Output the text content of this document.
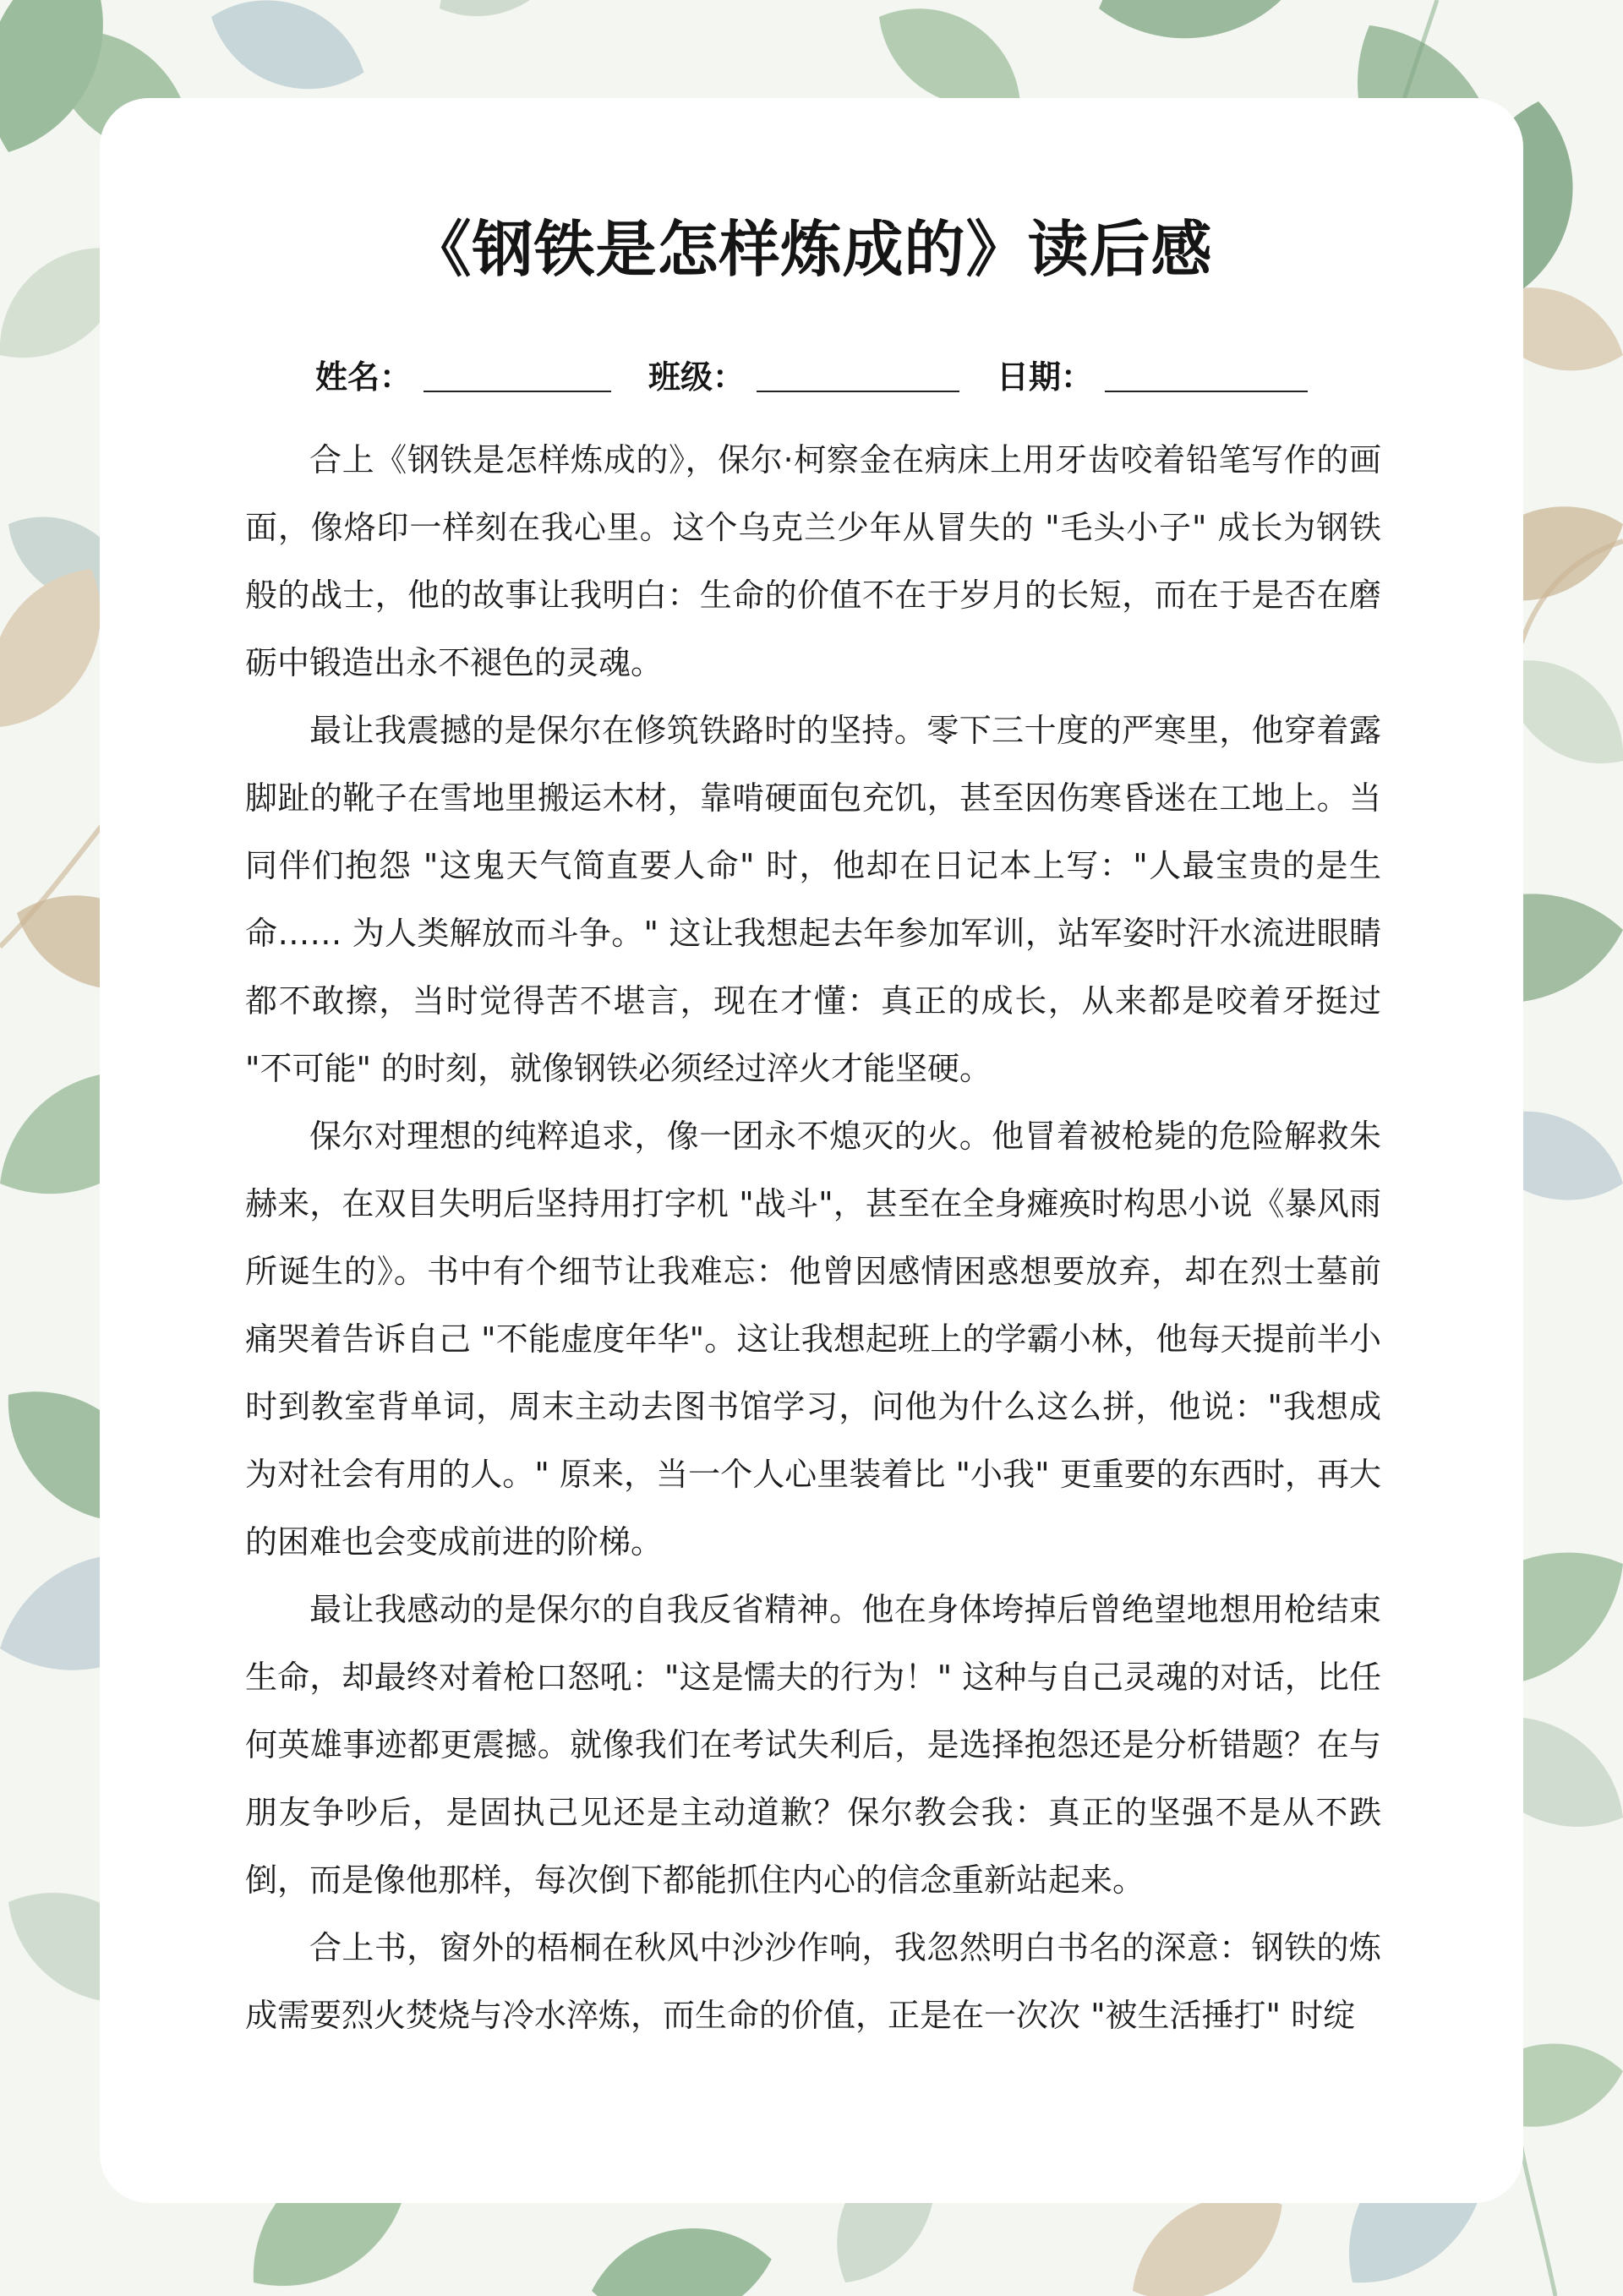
《钢铁是怎样炼成的》读后感
姓名：	班级：	日期：

合上《钢铁是怎样炼成的》，保尔·柯察金在病床上用牙齿咬着铅笔写作的画面，像烙印一样刻在我心里。这个乌克兰少年从冒失的 "毛头小子" 成长为钢铁般的战士，他的故事让我明白：生命的价值不在于岁月的长短，而在于是否在磨砺中锻造出永不褪色的灵魂。

最让我震撼的是保尔在修筑铁路时的坚持。零下三十度的严寒里，他穿着露脚趾的靴子在雪地里搬运木材，靠啃硬面包充饥，甚至因伤寒昏迷在工地上。当同伴们抱怨 "这鬼天气简直要人命" 时，他却在日记本上写："人最宝贵的是生命…… 为人类解放而斗争。" 这让我想起去年参加军训，站军姿时汗水流进眼睛都不敢擦，当时觉得苦不堪言，现在才懂：真正的成长，从来都是咬着牙挺过 "不可能" 的时刻，就像钢铁必须经过淬火才能坚硬。

保尔对理想的纯粹追求，像一团永不熄灭的火。他冒着被枪毙的危险解救朱赫来，在双目失明后坚持用打字机 "战斗"，甚至在全身瘫痪时构思小说《暴风雨所诞生的》。书中有个细节让我难忘：他曾因感情困惑想要放弃，却在烈士墓前痛哭着告诉自己 "不能虚度年华"。这让我想起班上的学霸小林，他每天提前半小时到教室背单词，周末主动去图书馆学习，问他为什么这么拼，他说："我想成为对社会有用的人。" 原来，当一个人心里装着比 "小我" 更重要的东西时，再大的困难也会变成前进的阶梯。

最让我感动的是保尔的自我反省精神。他在身体垮掉后曾绝望地想用枪结束生命，却最终对着枪口怒吼："这是懦夫的行为！" 这种与自己灵魂的对话，比任何英雄事迹都更震撼。就像我们在考试失利后，是选择抱怨还是分析错题？在与朋友争吵后，是固执己见还是主动道歉？保尔教会我：真正的坚强不是从不跌倒，而是像他那样，每次倒下都能抓住内心的信念重新站起来。

合上书，窗外的梧桐在秋风中沙沙作响，我忽然明白书名的深意：钢铁的炼成需要烈火焚烧与冷水淬炼，而生命的价值，正是在一次次 "被生活捶打" 时绽
